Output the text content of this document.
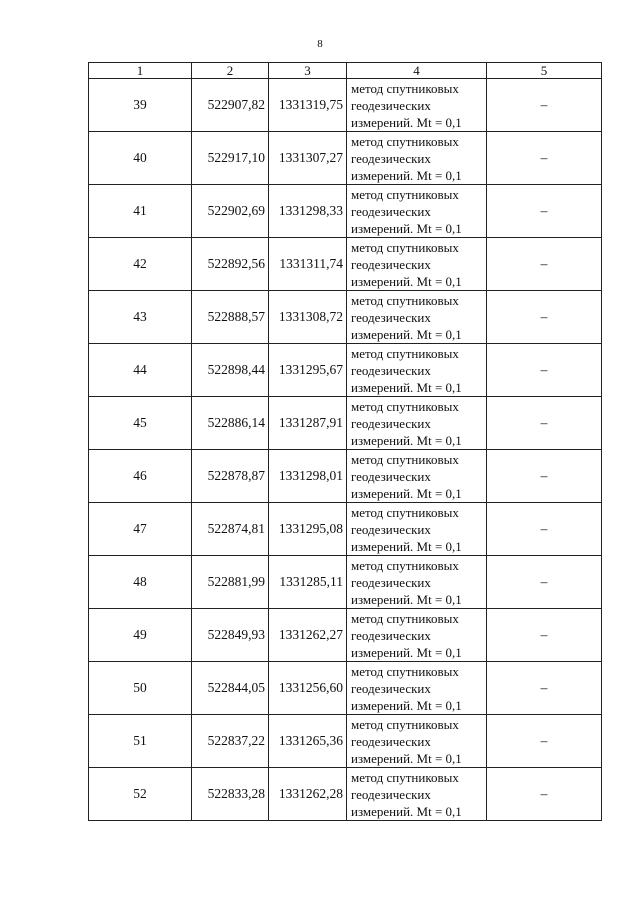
8
1	2	3	4	5
39	522907,82	1331319,75	метод спутниковых
геодезических
измерений. Mt = 0,1	–
40	522917,10	1331307,27	метод спутниковых
геодезических
измерений. Mt = 0,1	–
41	522902,69	1331298,33	метод спутниковых
геодезических
измерений. Mt = 0,1	–
42	522892,56	1331311,74	метод спутниковых
геодезических
измерений. Mt = 0,1	–
43	522888,57	1331308,72	метод спутниковых
геодезических
измерений. Mt = 0,1	–
44	522898,44	1331295,67	метод спутниковых
геодезических
измерений. Mt = 0,1	–
45	522886,14	1331287,91	метод спутниковых
геодезических
измерений. Mt = 0,1	–
46	522878,87	1331298,01	метод спутниковых
геодезических
измерений. Mt = 0,1	–
47	522874,81	1331295,08	метод спутниковых
геодезических
измерений. Mt = 0,1	–
48	522881,99	1331285,11	метод спутниковых
геодезических
измерений. Mt = 0,1	–
49	522849,93	1331262,27	метод спутниковых
геодезических
измерений. Mt = 0,1	–
50	522844,05	1331256,60	метод спутниковых
геодезических
измерений. Mt = 0,1	–
51	522837,22	1331265,36	метод спутниковых
геодезических
измерений. Mt = 0,1	–
52	522833,28	1331262,28	метод спутниковых
геодезических
измерений. Mt = 0,1	–
